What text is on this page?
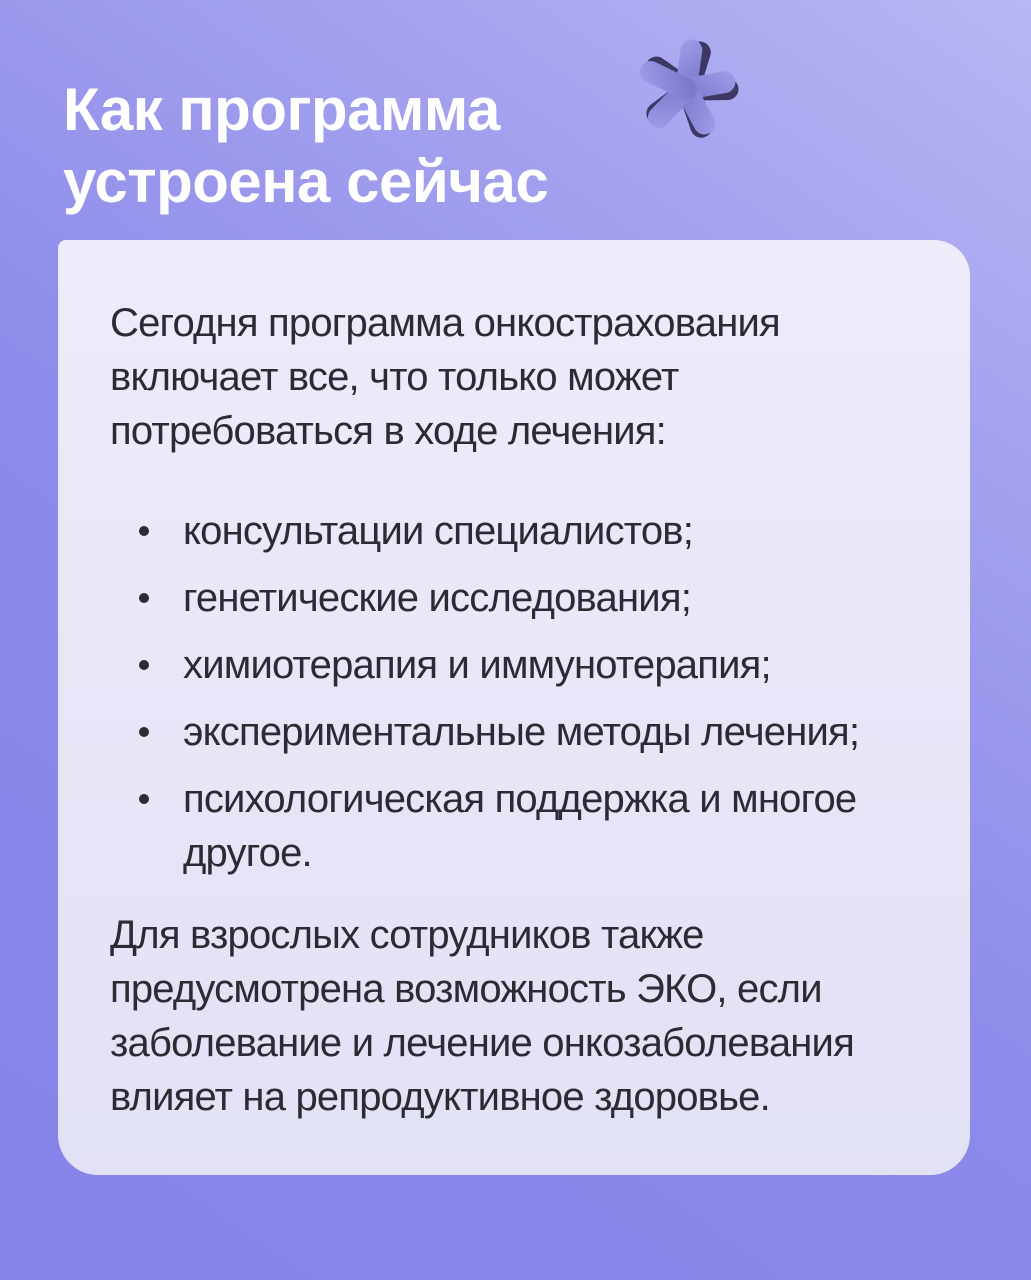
Как программа
устроена сейчас

Сегодня программа онкострахования включает все, что только может потребоваться в ходе лечения:

консультации специалистов;
генетические исследования;
химиотерапия и иммунотерапия;
экспериментальные методы лечения;
психологическая поддержка и многое другое.

Для взрослых сотрудников также предусмотрена возможность ЭКО, если заболевание и лечение онкозаболевания влияет на репродуктивное здоровье.
